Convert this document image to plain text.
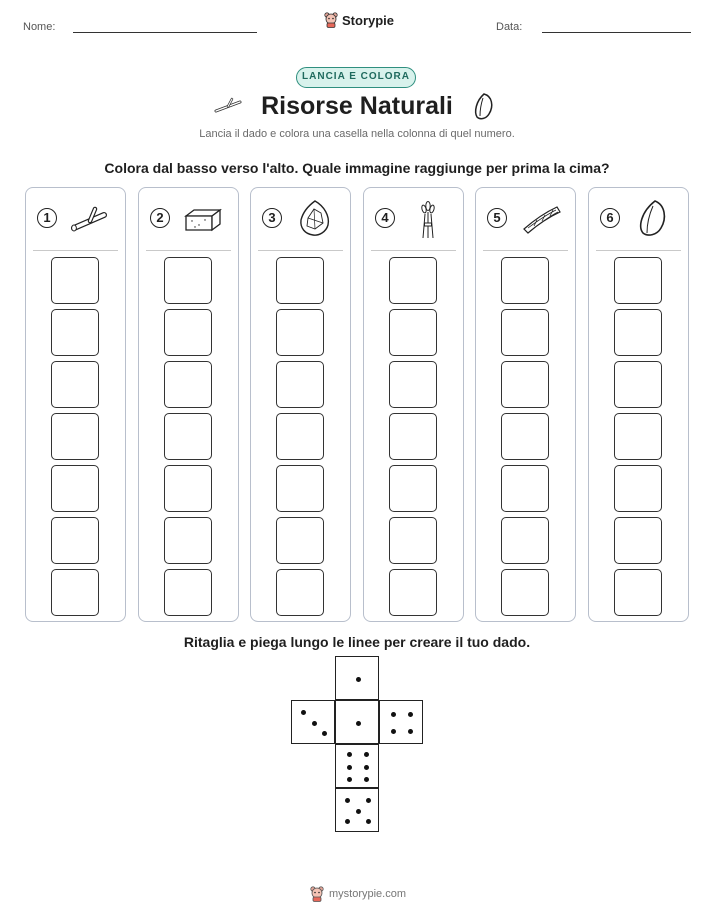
Nome:	Storypie	Data:
LANCIA E COLORA
Risorse Naturali
Lancia il dado e colora una casella nella colonna di quel numero.
Colora dal basso verso l'alto. Quale immagine raggiunge per prima la cima?
1	2	3	4	5	6
Ritaglia e piega lungo le linee per creare il tuo dado.
mystorypie.com
